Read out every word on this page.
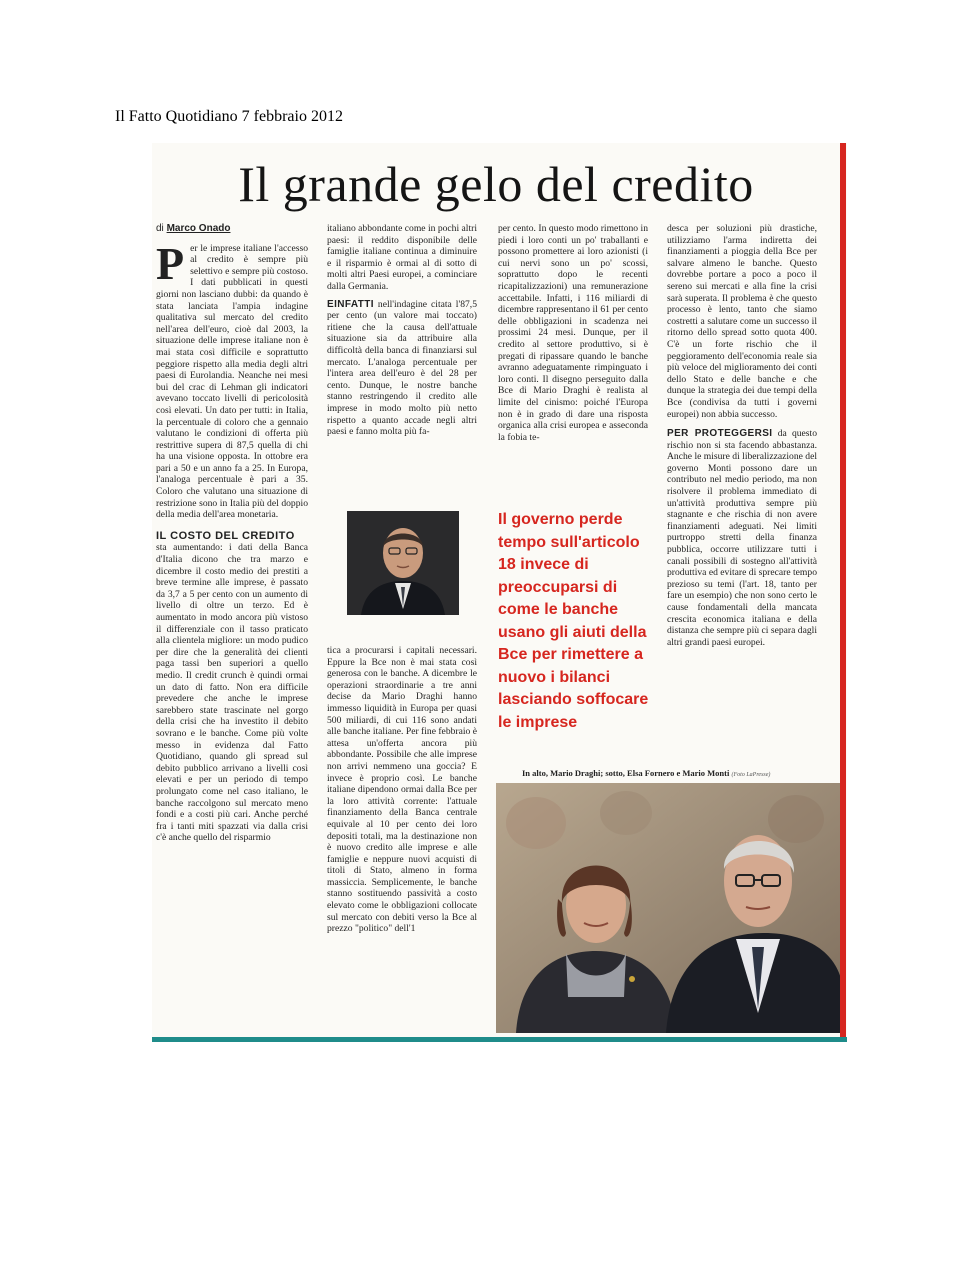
Il Fatto Quotidiano 7 febbraio 2012
Il grande gelo del credito
di Marco Onado
P er le imprese italiane l'accesso al credito è sempre più selettivo e sempre più costoso. I dati pubblicati in questi giorni non lasciano dubbi: da quando è stata lanciata l'ampia indagine qualitativa sul mercato del credito nell'area dell'euro, cioè dal 2003, la situazione delle imprese italiane non è mai stata così difficile e soprattutto peggiore rispetto alla media degli altri paesi di Eurolandia. Neanche nei mesi bui del crac di Lehman gli indicatori avevano toccato livelli di pericolosità così elevati. Un dato per tutti: in Italia, la percentuale di coloro che a gennaio valutano le condizioni di offerta più restrittive supera di 87,5 quella di chi ha una visione opposta. In ottobre era pari a 50 e un anno fa a 25. In Europa, l'analoga percentuale è pari a 35. Coloro che valutano una situazione di restrizione sono in Italia più del doppio della media dell'area monetaria.

IL COSTO DEL CREDITO

sta aumentando: i dati della Banca d'Italia dicono che tra marzo e dicembre il costo medio dei prestiti a breve termine alle imprese, è passato da 3,7 a 5 per cento con un aumento di livello di oltre un terzo. Ed è aumentato in modo ancora più vistoso il differenziale con il tasso praticato alla clientela migliore: un modo pudico per dire che la generalità dei clienti paga tassi ben superiori a quello medio. Il credit crunch è quindi ormai un dato di fatto. Non era difficile prevedere che anche le imprese sarebbero state trascinate nel gorgo della crisi che ha investito il debito sovrano e le banche. Come più volte messo in evidenza dal Fatto Quotidiano, quando gli spread sul debito pubblico arrivano a livelli così elevati e per un periodo di tempo prolungato come nel caso italiano, le banche raccolgono sul mercato meno fondi e a costi più cari. Anche perché fra i tanti miti spazzati via dalla crisi c'è anche quello del risparmio

italiano abbondante come in pochi altri paesi: il reddito disponibile delle famiglie italiane continua a diminuire e il risparmio è ormai al di sotto di molti altri Paesi europei, a cominciare dalla Germania.

EINFATTI nell'indagine citata l'87,5 per cento (un valore mai toccato) ritiene che la causa dell'attuale situazione sia da attribuire alla difficoltà della banca di finanziarsi sul mercato. L'analoga percentuale per l'intera area dell'euro è del 28 per cento. Dunque, le nostre banche stanno restringendo il credito alle imprese in modo molto più netto rispetto a quanto accade negli altri paesi e fanno molta più fa-

tica a procurarsi i capitali necessari. Eppure la Bce non è mai stata così generosa con le banche. A dicembre le operazioni straordinarie a tre anni decise da Mario Draghi hanno immesso liquidità in Europa per quasi 500 miliardi, di cui 116 sono andati alle banche italiane. Per fine febbraio è attesa un'offerta ancora più abbondante. Possibile che alle imprese non arrivi nemmeno una goccia? E invece è proprio così. Le banche italiane dipendono ormai dalla Bce per la loro attività corrente: l'attuale finanziamento della Banca centrale equivale al 10 per cento dei loro depositi totali, ma la destinazione non è nuovo credito alle imprese e alle famiglie e neppure nuovi acquisti di titoli di Stato, almeno in forma massiccia. Semplicemente, le banche stanno sostituendo passività a costo elevato come le obbligazioni collocate sul mercato con debiti verso la Bce al prezzo "politico" dell'1

per cento. In questo modo rimettono in piedi i loro conti un po' traballanti e possono promettere ai loro azionisti (i cui nervi sono un po' scossi, soprattutto dopo le recenti ricapitalizzazioni) una remunerazione accettabile. Infatti, i 116 miliardi di dicembre rappresentano il 61 per cento delle obbligazioni in scadenza nei prossimi 24 mesi. Dunque, per il credito al settore produttivo, si è pregati di ripassare quando le banche avranno adeguatamente rimpinguato i loro conti. Il disegno perseguito dalla Bce di Mario Draghi è realista al limite del cinismo: poiché l'Europa non è in grado di dare una risposta organica alla crisi europea e asseconda la fobia te-

Il governo perde tempo sull'articolo 18 invece di preoccuparsi di come le banche usano gli aiuti della Bce per rimettere a nuovo i bilanci lasciando soffocare le imprese

desca per soluzioni più drastiche, utilizziamo l'arma indiretta dei finanziamenti a pioggia della Bce per salvare almeno le banche. Questo dovrebbe portare a poco a poco il sereno sui mercati e alla fine la crisi sarà superata. Il problema è che questo processo è lento, tanto che siamo costretti a salutare come un successo il ritorno dello spread sotto quota 400. C'è un forte rischio che il peggioramento dell'economia reale sia più veloce del miglioramento dei conti dello Stato e delle banche e che dunque la strategia dei due tempi della Bce (condivisa da tutti i governi europei) non abbia successo.

PER PROTEGGERSI da questo rischio non si sta facendo abbastanza. Anche le misure di liberalizzazione del governo Monti possono dare un contributo nel medio periodo, ma non risolvere il problema immediato di un'attività produttiva sempre più stagnante e che rischia di non avere finanziamenti adeguati. Nei limiti purtroppo stretti della finanza pubblica, occorre utilizzare tutti i canali possibili di sostegno all'attività produttiva ed evitare di sprecare tempo prezioso su temi (l'art. 18, tanto per fare un esempio) che non sono certo le cause fondamentali della mancata crescita economica italiana e della distanza che sempre più ci separa dagli altri grandi paesi europei.

In alto, Mario Draghi; sotto, Elsa Fornero e Mario Monti (Foto LaPresse)
